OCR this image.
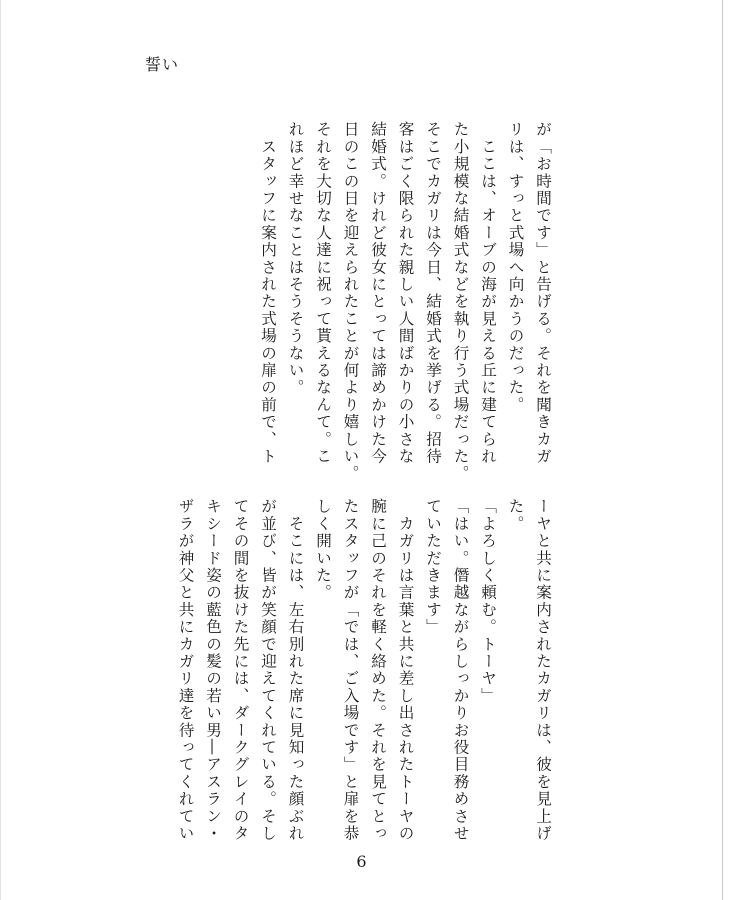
誓い
が「お時間です」と告げる。それを聞きカガ
リは、すっと式場へ向かうのだった。
　ここは、オーブの海が見える丘に建てられ
た小規模な結婚式などを執り行う式場だった。
そこでカガリは今日、結婚式を挙げる。招待
客はごく限られた親しい人間ばかりの小さな
結婚式。けれど彼女にとっては諦めかけた今
日のこの日を迎えられたことが何より嬉しい。
それを大切な人達に祝って貰えるなんて。こ
れほど幸せなことはそうそうない。
　スタッフに案内された式場の扉の前で、ト
ーヤと共に案内されたカガリは、彼を見上げ
た。
「よろしく頼む。トーヤ」
「はい。僭越ながらしっかりお役目務めさせ
ていただきます」
　カガリは言葉と共に差し出されたトーヤの
腕に己のそれを軽く絡めた。それを見てとっ
たスタッフが「では、ご入場です」と扉を恭
しく開いた。
　そこには、左右別れた席に見知った顔ぶれ
が並び、皆が笑顔で迎えてくれている。そし
てその間を抜けた先には、ダークグレイのタ
キシード姿の藍色の髪の若い男―アスラン・
ザラが神父と共にカガリ達を待ってくれてい
6
